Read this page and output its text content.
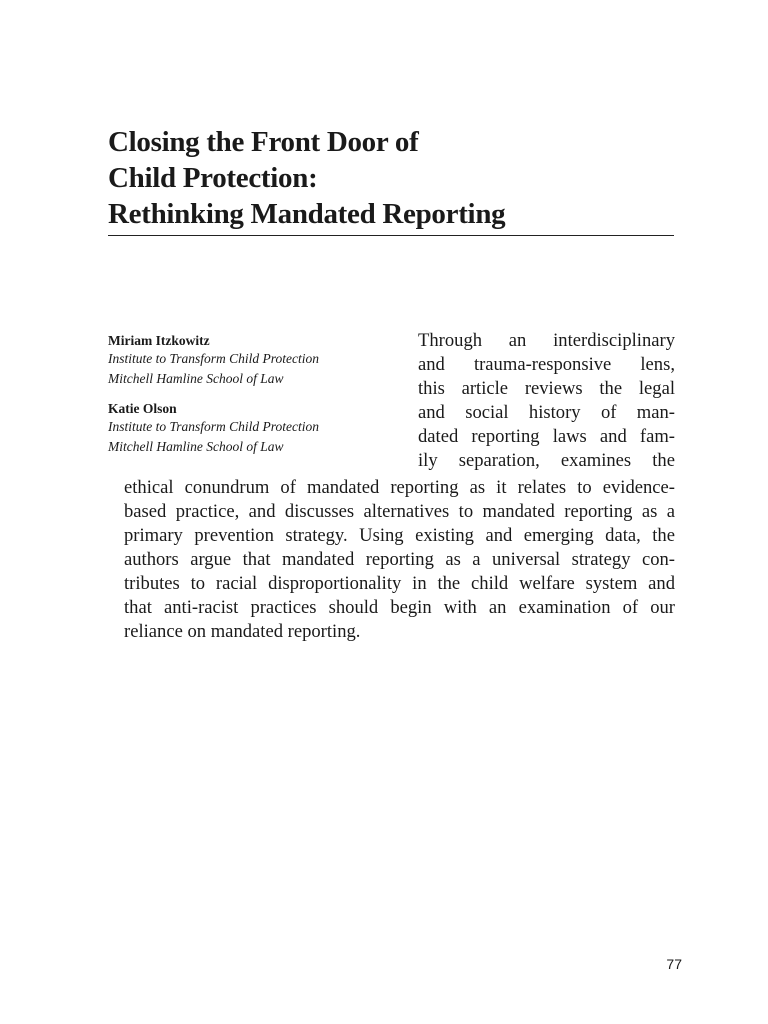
Closing the Front Door of
Child Protection:
Rethinking Mandated Reporting
Miriam Itzkowitz
Institute to Transform Child Protection
Mitchell Hamline School of Law
Katie Olson
Institute to Transform Child Protection
Mitchell Hamline School of Law
Through an interdisciplinary
and trauma-responsive lens,
this article reviews the legal
and social history of man-
dated reporting laws and fam-
ily separation, examines the
ethical conundrum of mandated reporting as it relates to evidence-
based practice, and discusses alternatives to mandated reporting as a
primary prevention strategy. Using existing and emerging data, the
authors argue that mandated reporting as a universal strategy con-
tributes to racial disproportionality in the child welfare system and
that anti-racist practices should begin with an examination of our
reliance on mandated reporting.
77
